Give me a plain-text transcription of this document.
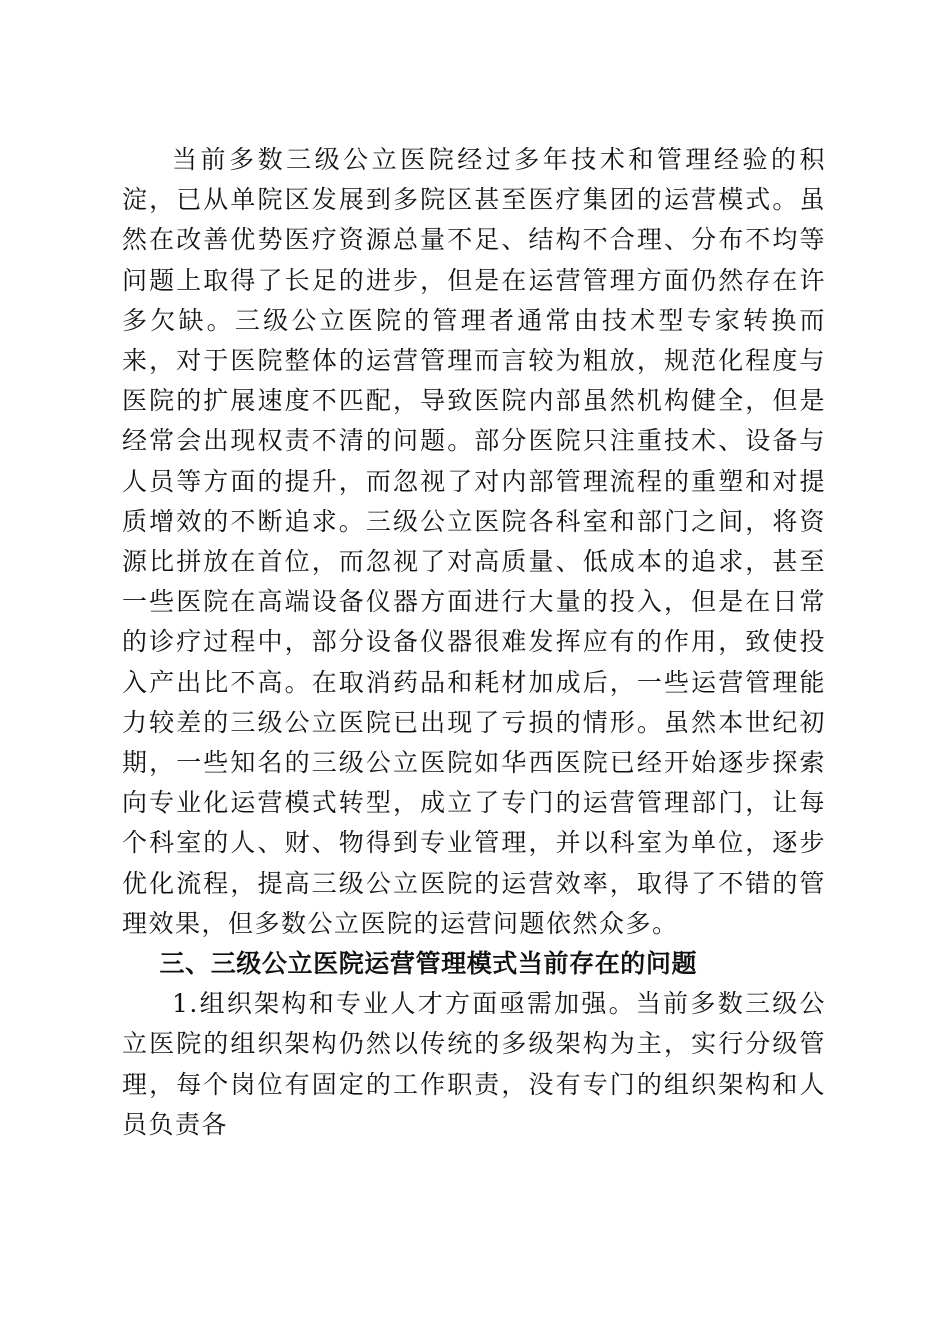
当前多数三级公立医院经过多年技术和管理经验的积淀，已从单院区发展到多院区甚至医疗集团的运营模式。虽然在改善优势医疗资源总量不足、结构不合理、分布不均等问题上取得了长足的进步，但是在运营管理方面仍然存在许多欠缺。三级公立医院的管理者通常由技术型专家转换而来，对于医院整体的运营管理而言较为粗放，规范化程度与医院的扩展速度不匹配，导致医院内部虽然机构健全，但是经常会出现权责不清的问题。部分医院只注重技术、设备与人员等方面的提升，而忽视了对内部管理流程的重塑和对提质增效的不断追求。三级公立医院各科室和部门之间，将资源比拼放在首位，而忽视了对高质量、低成本的追求，甚至一些医院在高端设备仪器方面进行大量的投入，但是在日常的诊疗过程中，部分设备仪器很难发挥应有的作用，致使投入产出比不高。在取消药品和耗材加成后，一些运营管理能力较差的三级公立医院已出现了亏损的情形。虽然本世纪初期，一些知名的三级公立医院如华西医院已经开始逐步探索向专业化运营模式转型，成立了专门的运营管理部门，让每个科室的人、财、物得到专业管理，并以科室为单位，逐步优化流程，提高三级公立医院的运营效率，取得了不错的管理效果，但多数公立医院的运营问题依然众多。

三、三级公立医院运营管理模式当前存在的问题

1.组织架构和专业人才方面亟需加强。当前多数三级公立医院的组织架构仍然以传统的多级架构为主，实行分级管理，每个岗位有固定的工作职责，没有专门的组织架构和人员负责各
